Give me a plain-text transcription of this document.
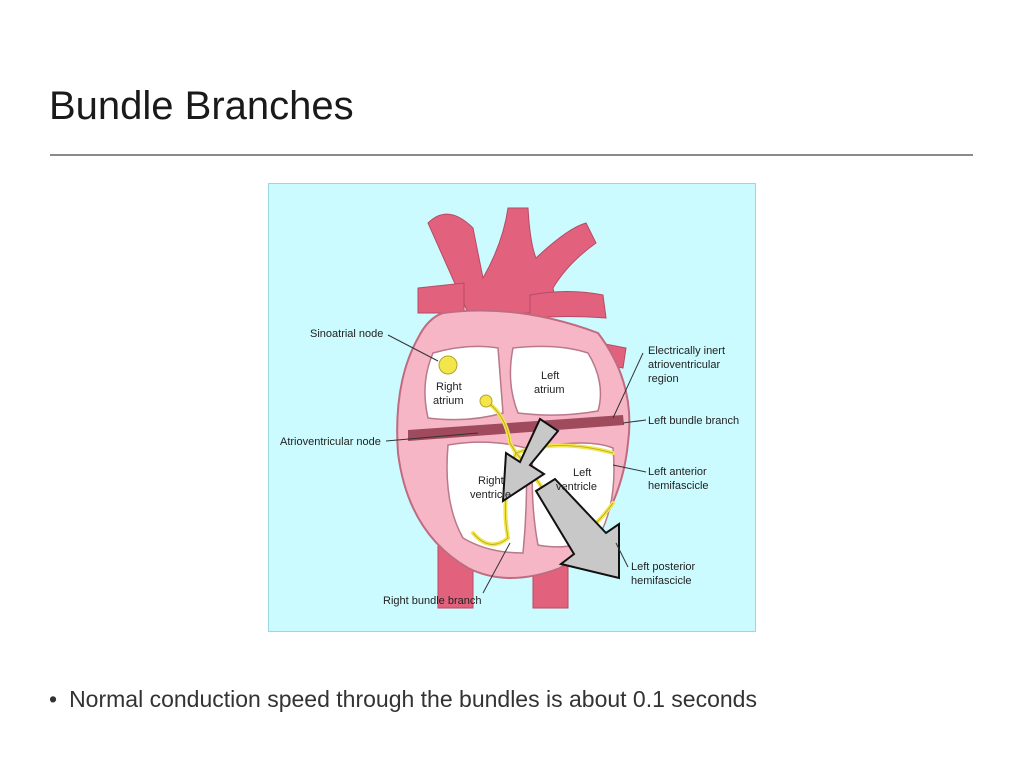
Bundle Branches
Sinoatrial node
Right
atrium
Left
atrium
Electrically inert
atrioventricular
region
Left bundle branch
Atrioventricular node
Right
ventricle
Left
ventricle
Left anterior
hemifascicle
Left posterior
hemifascicle
Right bundle branch
• Normal conduction speed through the bundles is about 0.1 seconds
